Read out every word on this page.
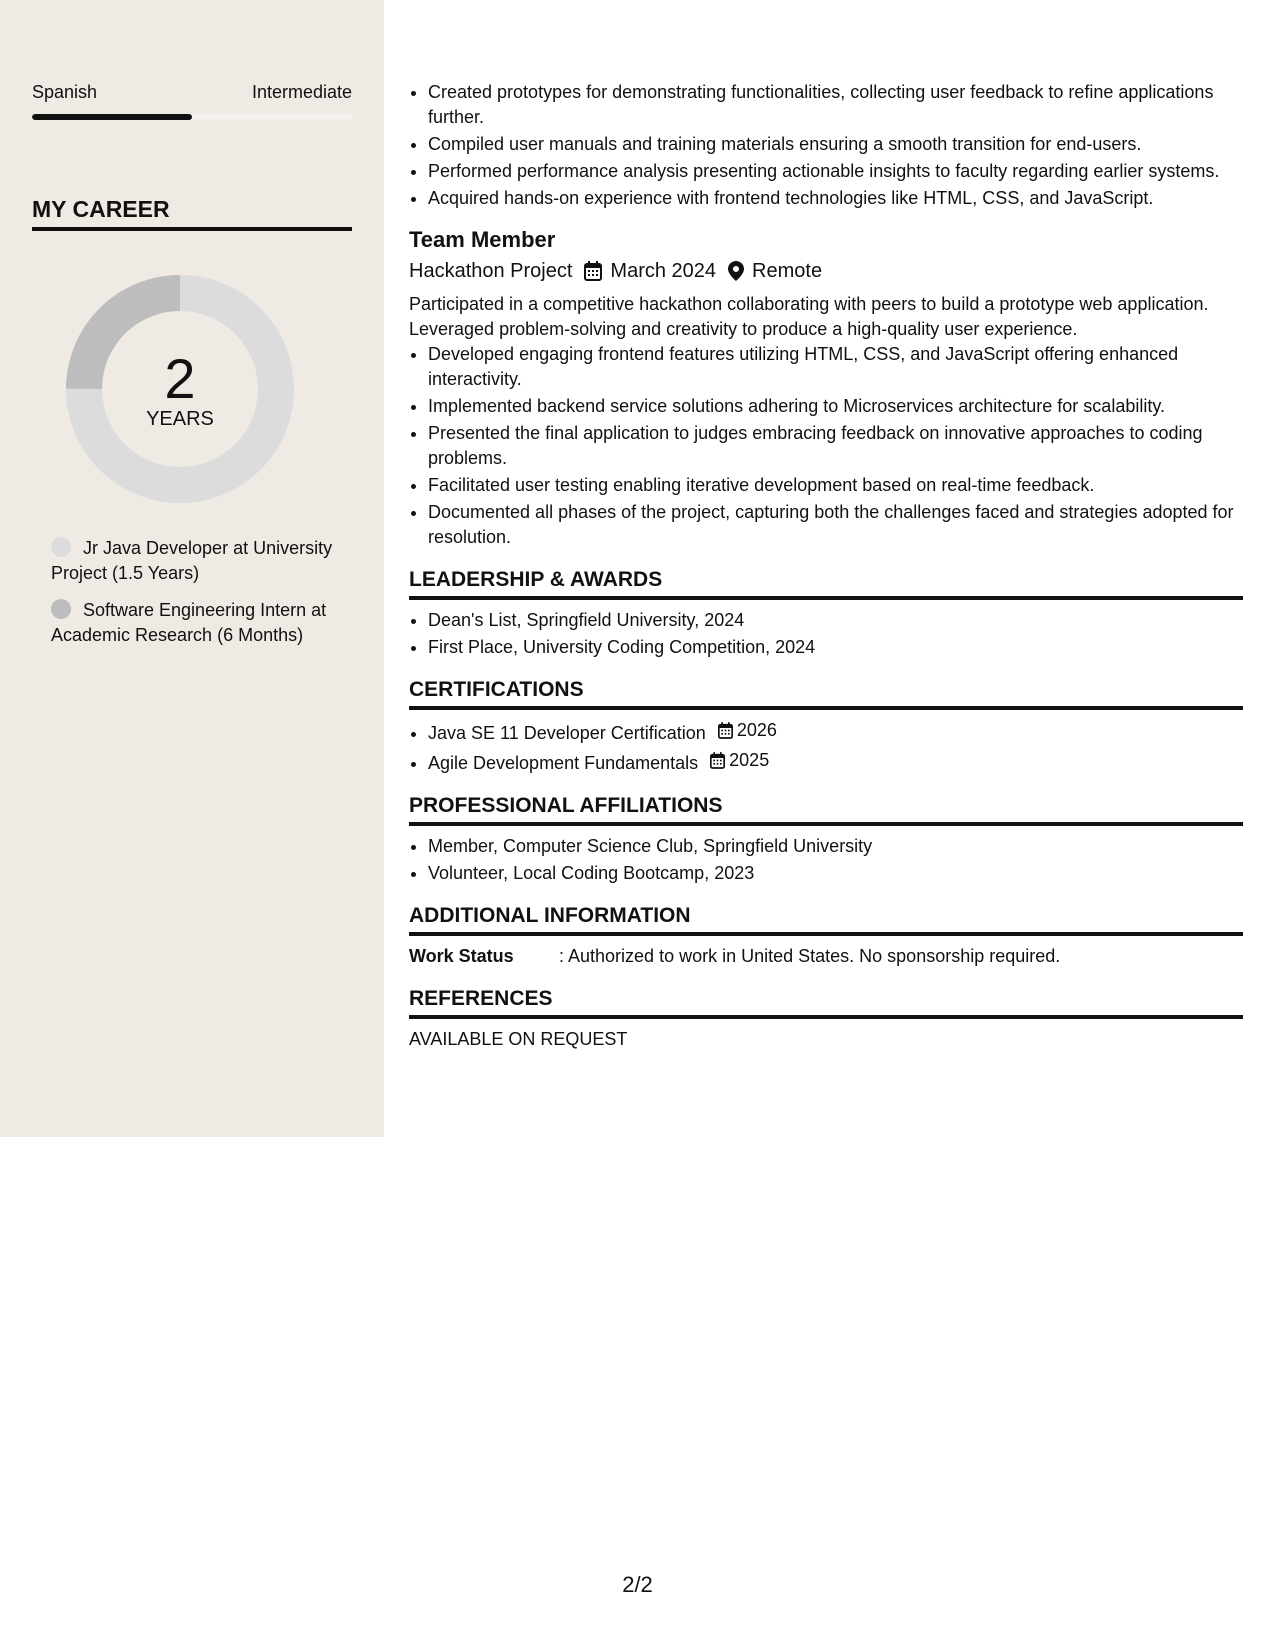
Spanish	Intermediate
MY CAREER
2
YEARS
Jr Java Developer at University Project (1.5 Years)
Software Engineering Intern at Academic Research (6 Months)
• Created prototypes for demonstrating functionalities, collecting user feedback to refine applications further.
• Compiled user manuals and training materials ensuring a smooth transition for end-users.
• Performed performance analysis presenting actionable insights to faculty regarding earlier systems.
• Acquired hands-on experience with frontend technologies like HTML, CSS, and JavaScript.
Team Member
Hackathon Project March 2024 Remote
Participated in a competitive hackathon collaborating with peers to build a prototype web application. Leveraged problem-solving and creativity to produce a high-quality user experience.
• Developed engaging frontend features utilizing HTML, CSS, and JavaScript offering enhanced interactivity.
• Implemented backend service solutions adhering to Microservices architecture for scalability.
• Presented the final application to judges embracing feedback on innovative approaches to coding problems.
• Facilitated user testing enabling iterative development based on real-time feedback.
• Documented all phases of the project, capturing both the challenges faced and strategies adopted for resolution.
LEADERSHIP & AWARDS
• Dean's List, Springfield University, 2024
• First Place, University Coding Competition, 2024
CERTIFICATIONS
• Java SE 11 Developer Certification 2026
• Agile Development Fundamentals 2025
PROFESSIONAL AFFILIATIONS
• Member, Computer Science Club, Springfield University
• Volunteer, Local Coding Bootcamp, 2023
ADDITIONAL INFORMATION
Work Status	: Authorized to work in United States. No sponsorship required.
REFERENCES
AVAILABLE ON REQUEST
2/2
